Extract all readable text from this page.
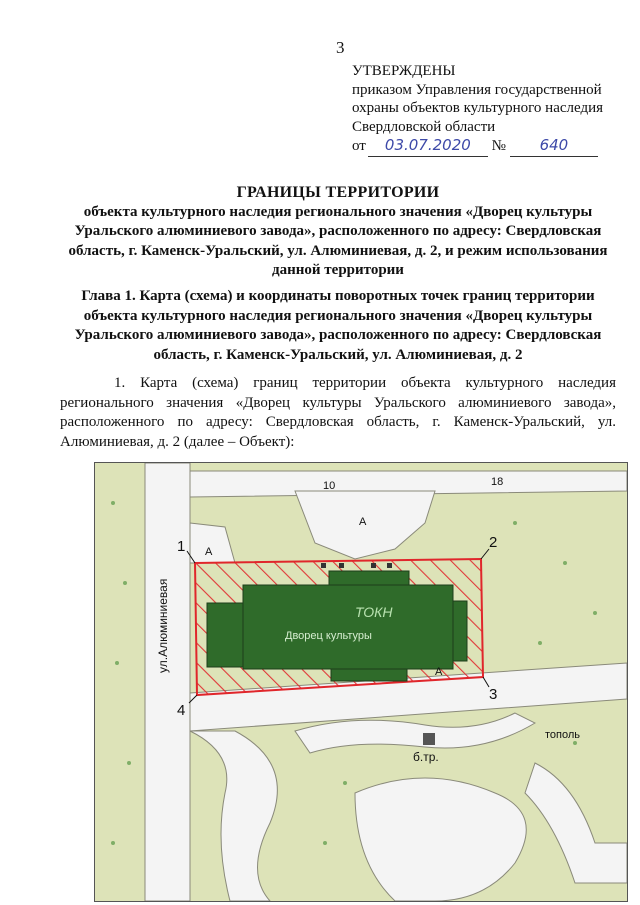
3
УТВЕРЖДЕНЫ
приказом Управления государственной
охраны объектов культурного наследия
Свердловской области
от 03.07.2020 № 640
ГРАНИЦЫ ТЕРРИТОРИИ
объекта культурного наследия регионального значения «Дворец культуры Уральского алюминиевого завода», расположенного по адресу: Свердловская область, г. Каменск-Уральский, ул. Алюминиевая, д. 2, и режим использования данной территории
Глава 1. Карта (схема) и координаты поворотных точек границ территории объекта культурного наследия регионального значения «Дворец культуры Уральского алюминиевого завода», расположенного по адресу: Свердловская область, г. Каменск-Уральский, ул. Алюминиевая, д. 2
1. Карта (схема) границ территории объекта культурного наследия регионального значения «Дворец культуры Уральского алюминиевого завода», расположенного по адресу: Свердловская область, г. Каменск-Уральский, ул. Алюминиевая, д. 2 (далее – Объект):
ТОКН
Дворец культуры
б.тр.
ул.Алюминиевая
А
А
А
10	18
тополь
1	2
3
4
